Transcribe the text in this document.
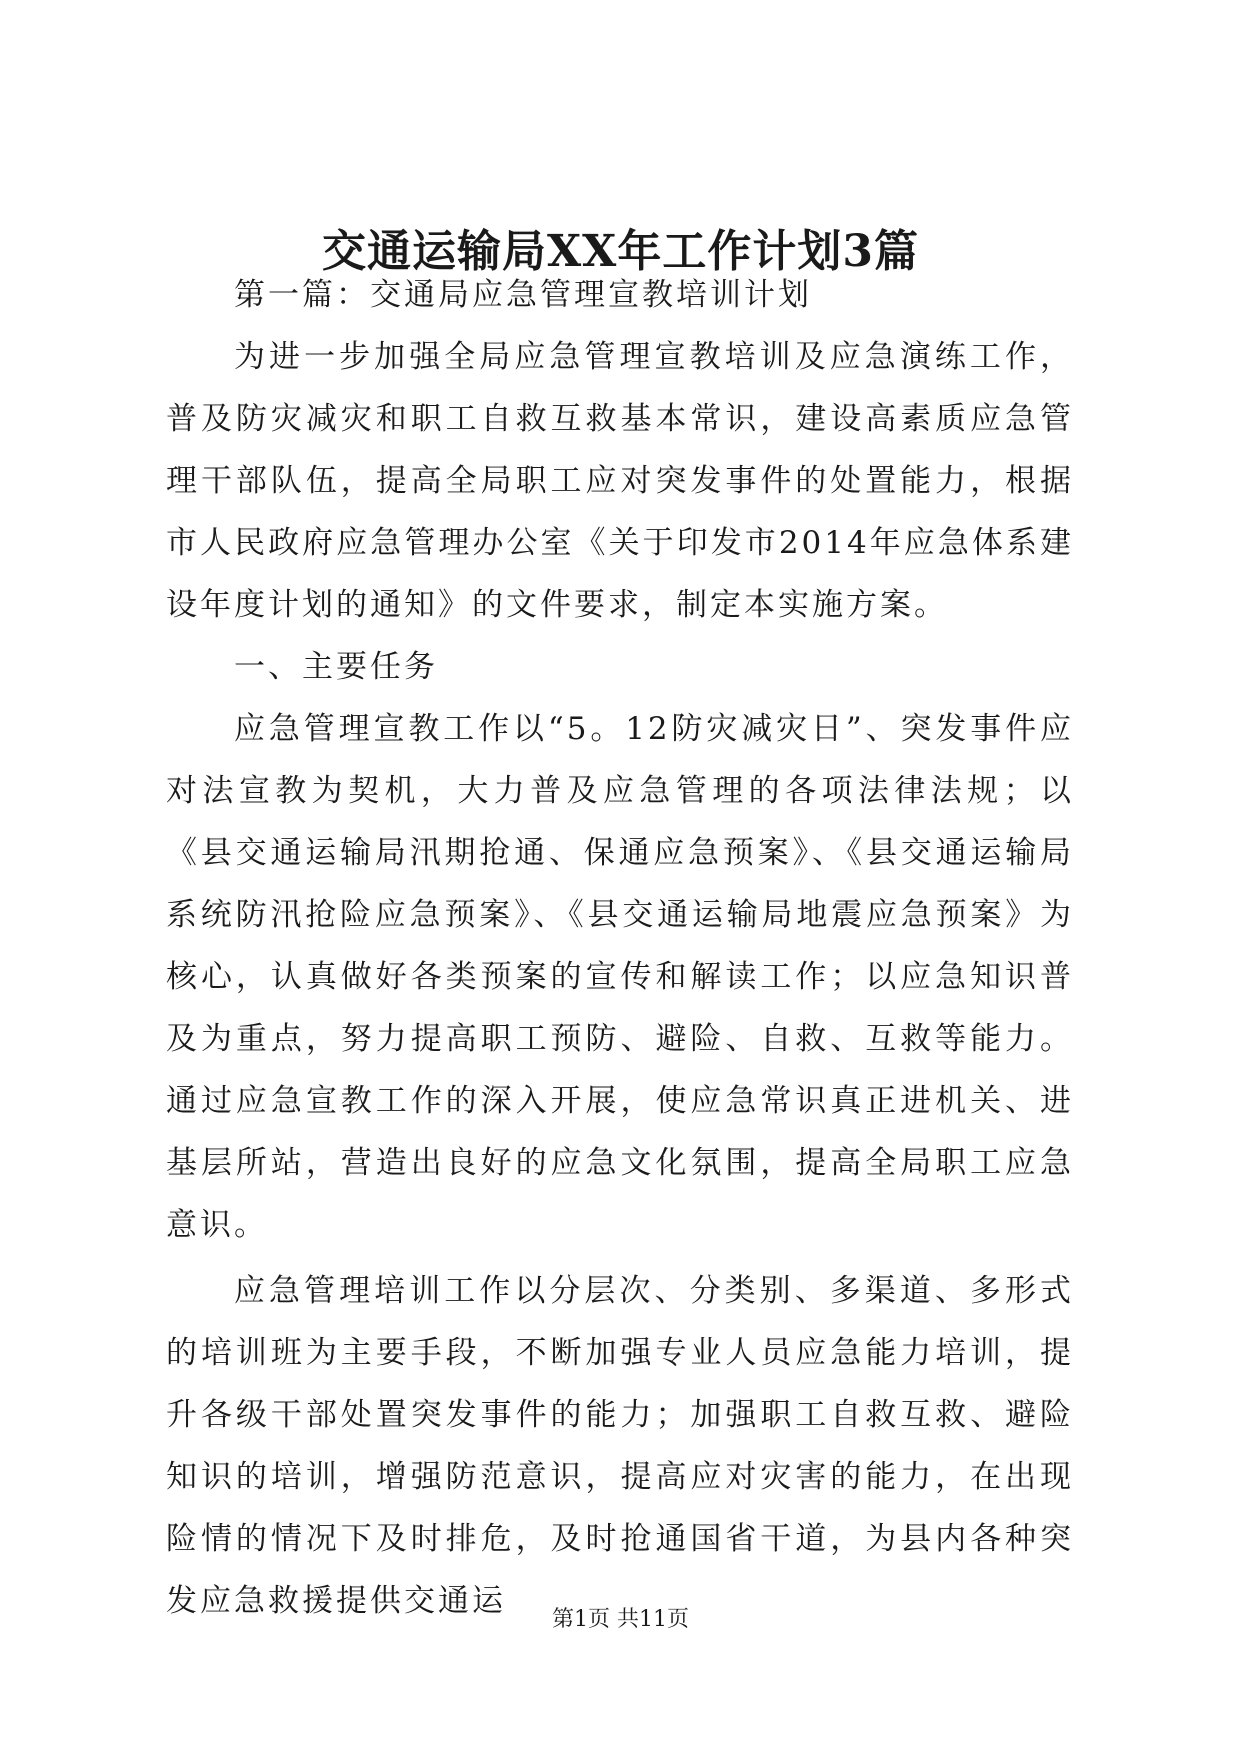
交通运输局XX年工作计划3篇

第一篇：交通局应急管理宣教培训计划

为进一步加强全局应急管理宣教培训及应急演练工作，普及防灾减灾和职工自救互救基本常识，建设高素质应急管理干部队伍，提高全局职工应对突发事件的处置能力，根据市人民政府应急管理办公室《关于印发市2014年应急体系建设年度计划的通知》的文件要求，制定本实施方案。

一、主要任务

应急管理宣教工作以“5。12防灾减灾日”、突发事件应对法宣教为契机，大力普及应急管理的各项法律法规；以《县交通运输局汛期抢通、保通应急预案》、《县交通运输局系统防汛抢险应急预案》、《县交通运输局地震应急预案》为核心，认真做好各类预案的宣传和解读工作；以应急知识普及为重点，努力提高职工预防、避险、自救、互救等能力。通过应急宣教工作的深入开展，使应急常识真正进机关、进基层所站，营造出良好的应急文化氛围，提高全局职工应急意识。

应急管理培训工作以分层次、分类别、多渠道、多形式的培训班为主要手段，不断加强专业人员应急能力培训，提升各级干部处置突发事件的能力；加强职工自救互救、避险知识的培训，增强防范意识，提高应对灾害的能力，在出现险情的情况下及时排危，及时抢通国省干道，为县内各种突发应急救援提供交通运

第1页 共11页
